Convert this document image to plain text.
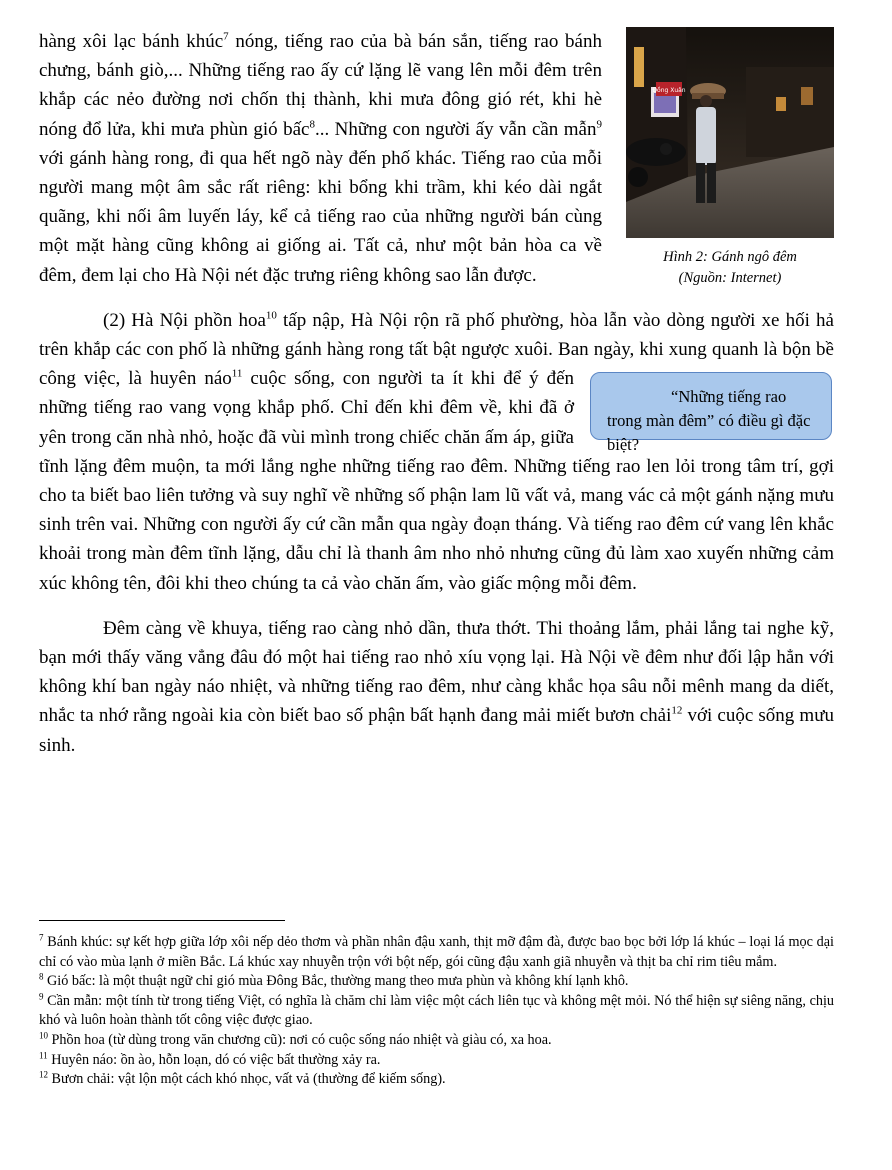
Đồng Xuân
Hình 2: Gánh ngô đêm
(Nguồn: Internet)

hàng xôi lạc bánh khúc$^7$ nóng, tiếng rao của bà bán sắn, tiếng rao bánh chưng, bánh giò,... Những tiếng rao ấy cứ lặng lẽ vang lên mỗi đêm trên khắp các nẻo đường nơi chốn thị thành, khi mưa đông gió rét, khi hè nóng đổ lửa, khi mưa phùn gió bấc$^8$... Những con người ấy vẫn cần mẫn$^9$ với gánh hàng rong, đi qua hết ngõ này đến phố khác. Tiếng rao của mỗi người mang một âm sắc rất riêng: khi bổng khi trầm, khi kéo dài ngắt quãng, khi nối âm luyến láy, kể cả tiếng rao của những người bán cùng một mặt hàng cũng không ai giống ai. Tất cả, như một bản hòa ca về đêm, đem lại cho Hà Nội nét đặc trưng riêng không sao lẫn được.

(2) Hà Nội phồn hoa$^{10}$ tấp nập, Hà Nội rộn rã phố phường, hòa lẫn vào dòng người xe hối hả trên khắp các con phố là những gánh hàng rong tất bật ngược xuôi. Ban ngày, khi xung quanh là bộn bề công việc, là huyên náo$^{11}$
“Những tiếng rao trong màn đêm” có điều gì đặc biệt?
cuộc sống, con người ta ít khi để ý đến những tiếng rao vang vọng khắp phố. Chỉ đến khi đêm về, khi đã ở yên trong căn nhà nhỏ, hoặc đã vùi mình trong chiếc chăn ấm áp, giữa tĩnh lặng đêm muộn, ta mới lắng nghe những tiếng rao đêm. Những tiếng rao len lỏi trong tâm trí, gợi cho ta biết bao liên tưởng và suy nghĩ về những số phận lam lũ vất vả, mang vác cả một gánh nặng mưu sinh trên vai. Những con người ấy cứ cần mẫn qua ngày đoạn tháng. Và tiếng rao đêm cứ vang lên khắc khoải trong màn đêm tĩnh lặng, dẫu chỉ là thanh âm nho nhỏ nhưng cũng đủ làm xao xuyến những cảm xúc không tên, đôi khi theo chúng ta cả vào chăn ấm, vào giấc mộng mỗi đêm.

Đêm càng về khuya, tiếng rao càng nhỏ dần, thưa thớt. Thi thoảng lắm, phải lắng tai nghe kỹ, bạn mới thấy văng vẳng đâu đó một hai tiếng rao nhỏ xíu vọng lại. Hà Nội về đêm như đối lập hẳn với không khí ban ngày náo nhiệt, và những tiếng rao đêm, như càng khắc họa sâu nỗi mênh mang da diết, nhắc ta nhớ rằng ngoài kia còn biết bao số phận bất hạnh đang mải miết bươn chải$^{12}$ với cuộc sống mưu sinh.

$^7$ Bánh khúc: sự kết hợp giữa lớp xôi nếp dẻo thơm và phần nhân đậu xanh, thịt mỡ đậm đà, được bao bọc bởi lớp lá khúc – loại lá mọc dại chỉ có vào mùa lạnh ở miền Bắc. Lá khúc xay nhuyễn trộn với bột nếp, gói cũng đậu xanh giã nhuyễn và thịt ba chỉ rim tiêu mắm.
$^8$ Gió bấc: là một thuật ngữ chỉ gió mùa Đông Bắc, thường mang theo mưa phùn và không khí lạnh khô.
$^9$ Cần mẫn: một tính từ trong tiếng Việt, có nghĩa là chăm chỉ làm việc một cách liên tục và không mệt mỏi. Nó thể hiện sự siêng năng, chịu khó và luôn hoàn thành tốt công việc được giao.
$^{10}$ Phồn hoa (từ dùng trong văn chương cũ): nơi có cuộc sống náo nhiệt và giàu có, xa hoa.
$^{11}$ Huyên náo: ồn ào, hỗn loạn, dó có việc bất thường xảy ra.
$^{12}$ Bươn chải: vật lộn một cách khó nhọc, vất vả (thường để kiếm sống).
